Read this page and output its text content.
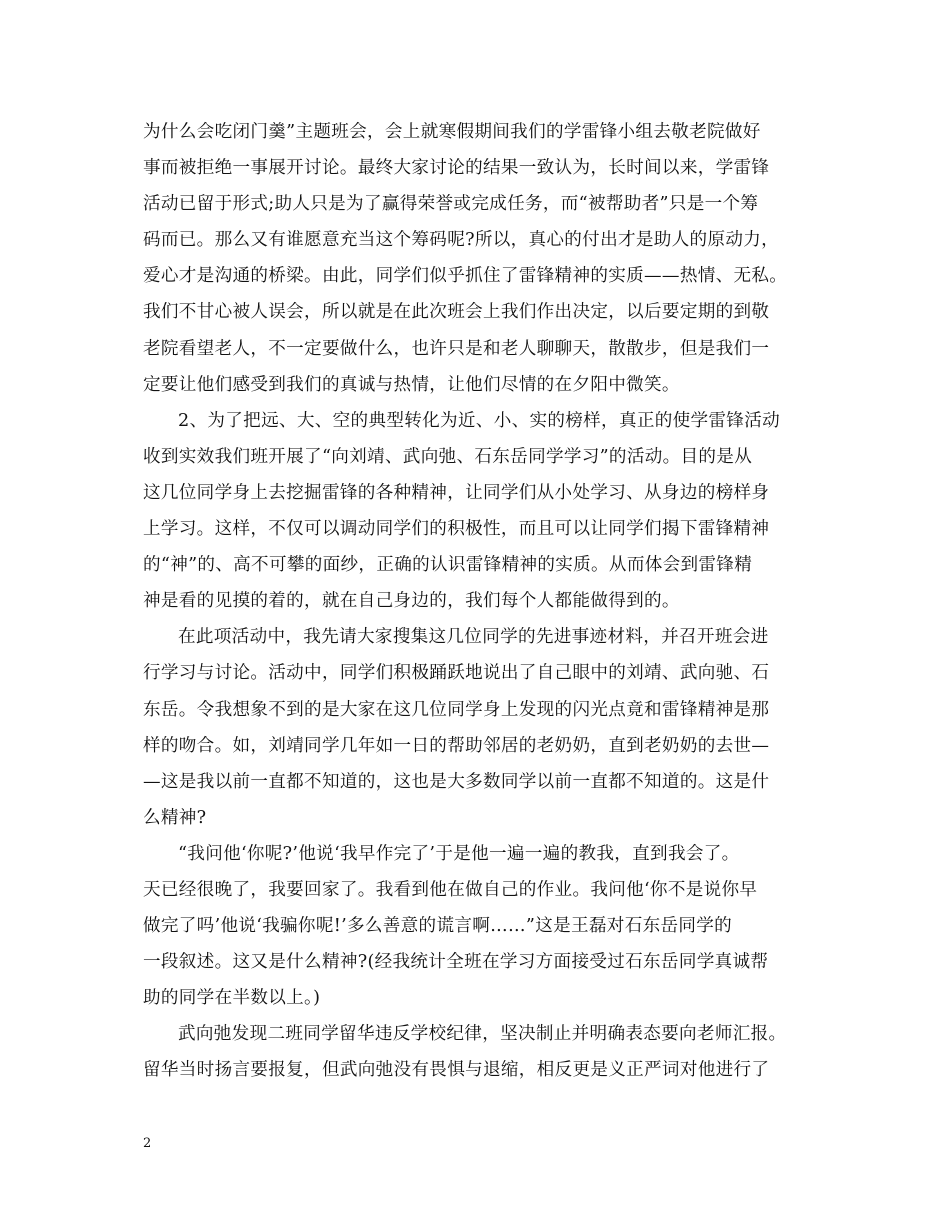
为什么会吃闭门羹”主题班会，会上就寒假期间我们的学雷锋小组去敬老院做好
事而被拒绝一事展开讨论。最终大家讨论的结果一致认为，长时间以来，学雷锋
活动已留于形式;助人只是为了赢得荣誉或完成任务，而“被帮助者”只是一个筹
码而已。那么又有谁愿意充当这个筹码呢?所以，真心的付出才是助人的原动力，
爱心才是沟通的桥梁。由此，同学们似乎抓住了雷锋精神的实质——热情、无私。
我们不甘心被人误会，所以就是在此次班会上我们作出决定，以后要定期的到敬
老院看望老人，不一定要做什么，也许只是和老人聊聊天，散散步，但是我们一
定要让他们感受到我们的真诚与热情，让他们尽情的在夕阳中微笑。
2、为了把远、大、空的典型转化为近、小、实的榜样，真正的使学雷锋活动
收到实效我们班开展了“向刘靖、武向弛、石东岳同学学习”的活动。目的是从
这几位同学身上去挖掘雷锋的各种精神，让同学们从小处学习、从身边的榜样身
上学习。这样，不仅可以调动同学们的积极性，而且可以让同学们揭下雷锋精神
的“神”的、高不可攀的面纱，正确的认识雷锋精神的实质。从而体会到雷锋精
神是看的见摸的着的，就在自己身边的，我们每个人都能做得到的。
在此项活动中，我先请大家搜集这几位同学的先进事迹材料，并召开班会进
行学习与讨论。活动中，同学们积极踊跃地说出了自己眼中的刘靖、武向驰、石
东岳。令我想象不到的是大家在这几位同学身上发现的闪光点竟和雷锋精神是那
样的吻合。如，刘靖同学几年如一日的帮助邻居的老奶奶，直到老奶奶的去世—
—这是我以前一直都不知道的，这也是大多数同学以前一直都不知道的。这是什
么精神?
“我问他‘你呢?’他说‘我早作完了’于是他一遍一遍的教我，直到我会了。
天已经很晚了，我要回家了。我看到他在做自己的作业。我问他‘你不是说你早
做完了吗’他说‘我骗你呢!’多么善意的谎言啊……”这是王磊对石东岳同学的
一段叙述。这又是什么精神?(经我统计全班在学习方面接受过石东岳同学真诚帮
助的同学在半数以上。)
武向弛发现二班同学留华违反学校纪律，坚决制止并明确表态要向老师汇报。
留华当时扬言要报复，但武向弛没有畏惧与退缩，相反更是义正严词对他进行了
2
